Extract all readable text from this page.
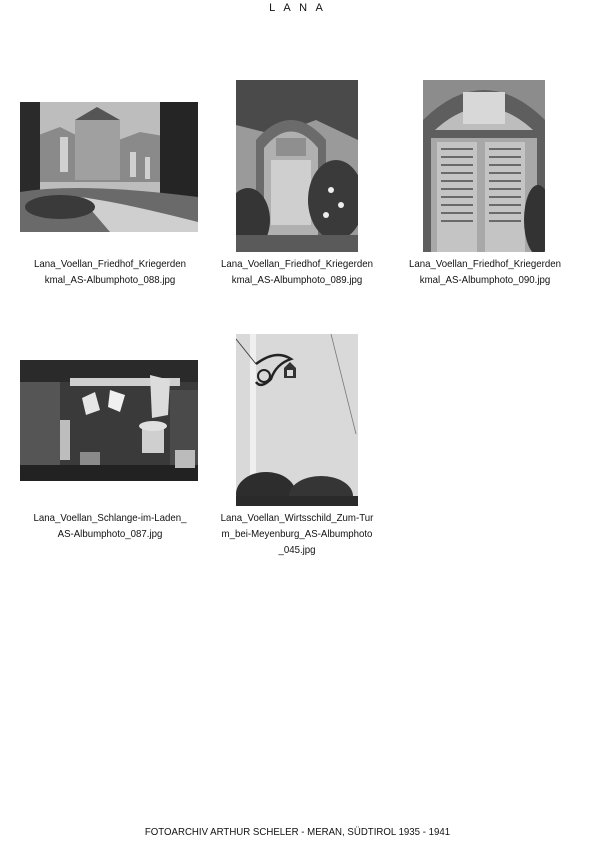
L A N A
Lana_Voellan_Friedhof_Kriegerden
kmal_AS-Albumphoto_088.jpg
Lana_Voellan_Friedhof_Kriegerden
kmal_AS-Albumphoto_089.jpg
Lana_Voellan_Friedhof_Kriegerden
kmal_AS-Albumphoto_090.jpg
Lana_Voellan_Schlange-im-Laden_
AS-Albumphoto_087.jpg
Lana_Voellan_Wirtsschild_Zum-Tur
m_bei-Meyenburg_AS-Albumphoto
_045.jpg
FOTOARCHIV ARTHUR SCHELER - MERAN, SÜDTIROL 1935 - 1941
